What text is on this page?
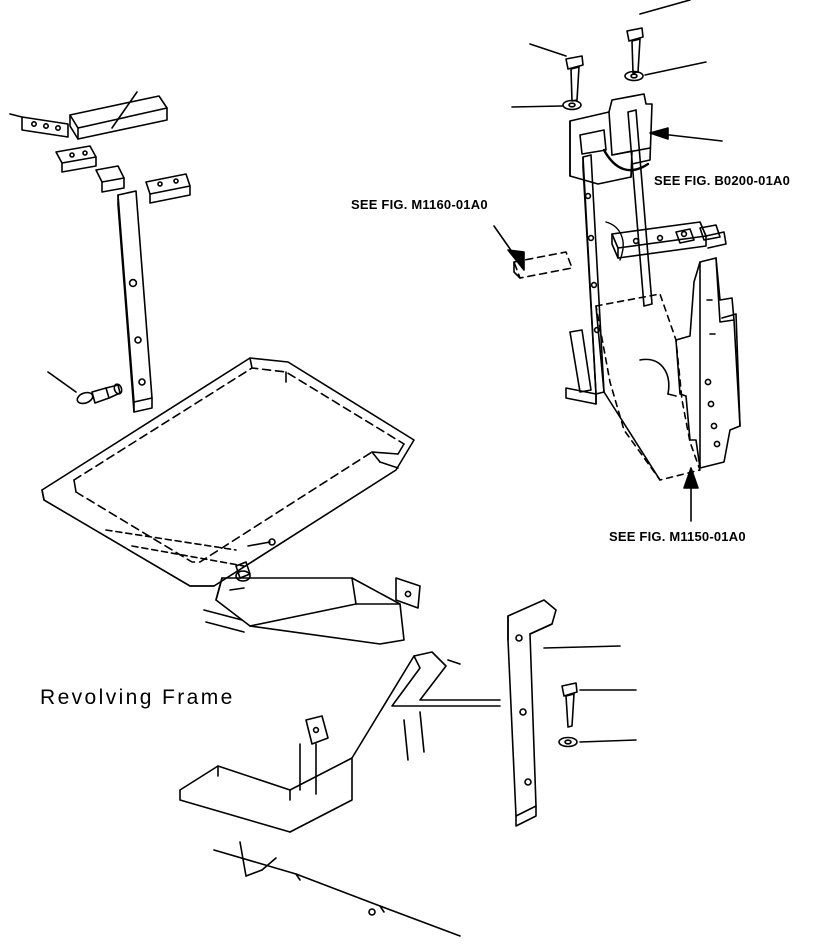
SEE FIG. M1160-01A0
SEE FIG. B0200-01A0
SEE FIG. M1150-01A0
Revolving Frame
